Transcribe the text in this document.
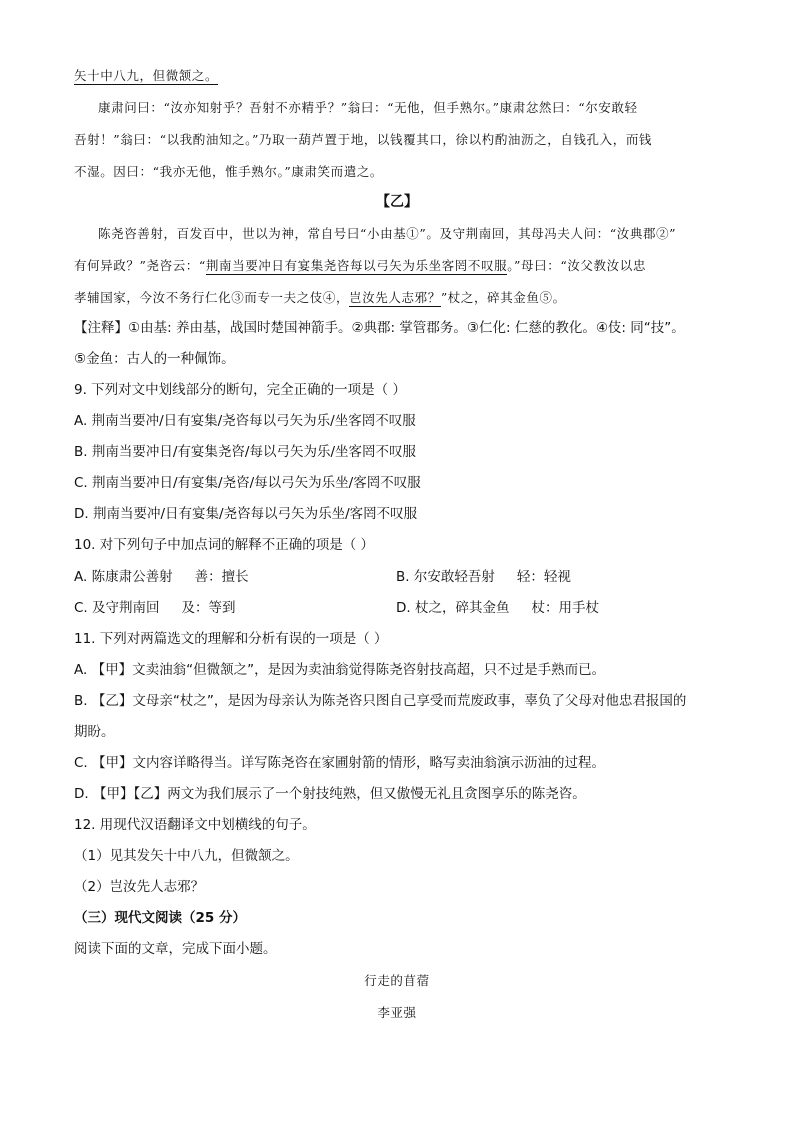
矢十中八九，但微颔之。
康肃问曰：“汝亦知射乎？吾射不亦精乎？”翁曰：“无他，但手熟尔。”康肃忿然曰：“尔安敢轻
吾射！”翁曰：“以我酌油知之。”乃取一葫芦置于地，以钱覆其口，徐以杓酌油沥之，自钱孔入，而钱
不湿。因曰：“我亦无他，惟手熟尔。”康肃笑而遣之。
【乙】
陈尧咨善射，百发百中，世以为神，常自号曰“小由基①”。及守荆南回，其母冯夫人问：“汝典郡②”
有何异政？”尧咨云：“荆南当要冲日有宴集尧咨每以弓矢为乐坐客罔不叹服。”母曰：“汝父教汝以忠
孝辅国家，今汝不务行仁化③而专一夫之伎④，岂汝先人志邪？”杖之，碎其金鱼⑤。
【注释】①由基: 养由基，战国时楚国神箭手。②典郡: 掌管郡务。③仁化: 仁慈的教化。④伎: 同“技”。
⑤金鱼：古人的一种佩饰。
9. 下列对文中划线部分的断句，完全正确的一项是（ ）
A. 荆南当要冲/日有宴集/尧咨每以弓矢为乐/坐客罔不叹服
B. 荆南当要冲日/有宴集尧咨/每以弓矢为乐/坐客罔不叹服
C. 荆南当要冲日/有宴集/尧咨/每以弓矢为乐坐/客罔不叹服
D. 荆南当要冲/日有宴集/尧咨每以弓矢为乐坐/客罔不叹服
10. 对下列句子中加点词的解释不正确的项是（ ）
A. 陈康肃公善射 善：擅长	B. 尔安敢轻吾射 轻：轻视
C. 及守荆南回 及：等到	D. 杖之，碎其金鱼 杖：用手杖
11. 下列对两篇选文的理解和分析有误的一项是（ ）
A. 【甲】文卖油翁“但微颔之”，是因为卖油翁觉得陈尧咨射技高超，只不过是手熟而已。
B. 【乙】文母亲“杖之”，是因为母亲认为陈尧咨只图自己享受而荒废政事，辜负了父母对他忠君报国的
期盼。
C. 【甲】文内容详略得当。详写陈尧咨在家圃射箭的情形，略写卖油翁演示沥油的过程。
D. 【甲】【乙】两文为我们展示了一个射技纯熟，但又傲慢无礼且贪图享乐的陈尧咨。
12. 用现代汉语翻译文中划横线的句子。
（1）见其发矢十中八九，但微颔之。
（2）岂汝先人志邪？
（三）现代文阅读（25 分）
阅读下面的文章，完成下面小题。
行走的苜蓿
李亚强
